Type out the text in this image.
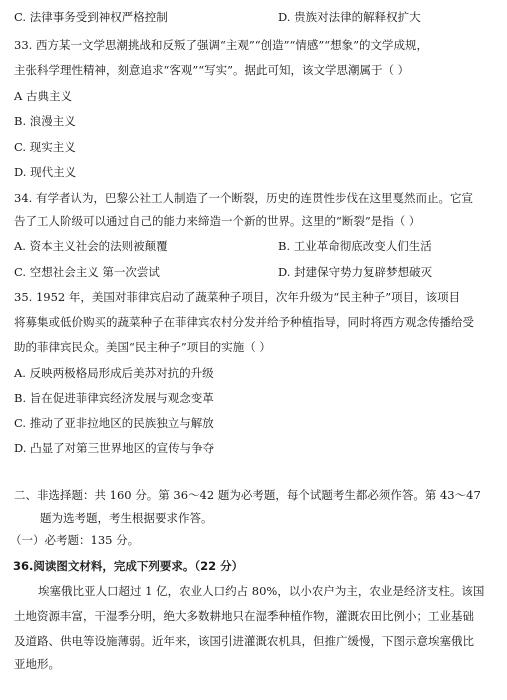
C. 法律事务受到神权严格控制	D. 贵族对法律的解释权扩大
33. 西方某一文学思潮挑战和反叛了强调“主观”“创造”“情感”“想象”的文学成规，
主张科学理性精神，刻意追求“客观”“写实”。据此可知，该文学思潮属于（ ）
A 古典主义
B. 浪漫主义
C. 现实主义
D. 现代主义
34. 有学者认为，巴黎公社工人制造了一个断裂，历史的连贯性步伐在这里戛然而止。它宣
告了工人阶级可以通过自己的能力来缔造一个新的世界。这里的“断裂”是指（ ）
A. 资本主义社会的法则被颠覆	B. 工业革命彻底改变人们生活
C. 空想社会主义 第一次尝试	D. 封建保守势力复辟梦想破灭
35. 1952 年，美国对菲律宾启动了蔬菜种子项目，次年升级为“民主种子”项目，该项目
将募集或低价购买的蔬菜种子在菲律宾农村分发并给予种植指导，同时将西方观念传播给受
助的菲律宾民众。美国“民主种子”项目的实施（ ）
A. 反映两极格局形成后美苏对抗的升级
B. 旨在促进菲律宾经济发展与观念变革
C. 推动了亚非拉地区的民族独立与解放
D. 凸显了对第三世界地区的宣传与争夺
二、非选择题：共 160 分。第 36～42 题为必考题，每个试题考生都必须作答。第 43～47
题为选考题，考生根据要求作答。
（一）必考题：135 分。
36.阅读图文材料，完成下列要求。（22 分）
埃塞俄比亚人口超过 1 亿，农业人口约占 80%，以小农户为主，农业是经济支柱。该国
土地资源丰富，干湿季分明，绝大多数耕地只在湿季种植作物，灌溉农田比例小；工业基础
及道路、供电等设施薄弱。近年来，该国引进灌溉农机具，但推广缓慢，下图示意埃塞俄比
亚地形。
